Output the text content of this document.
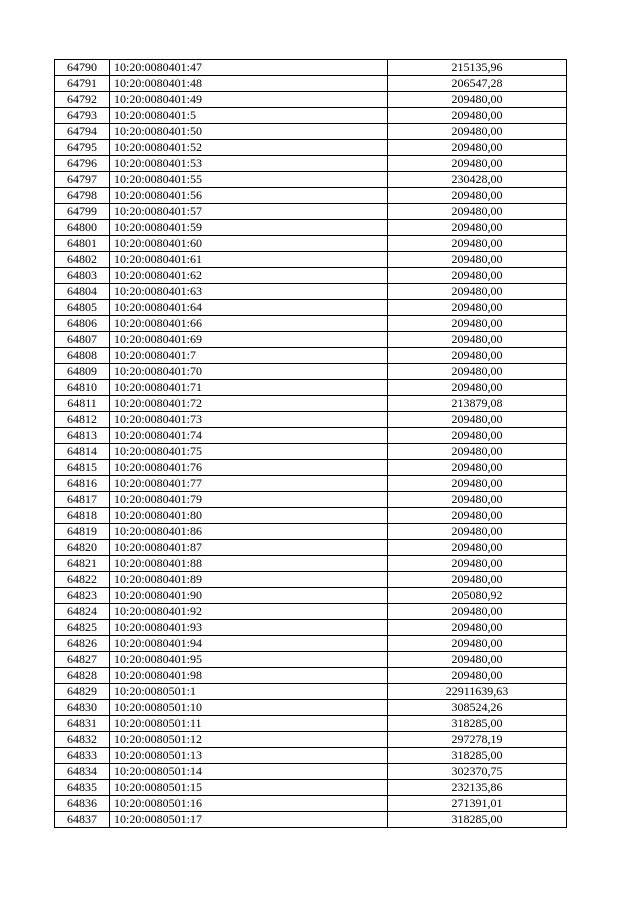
64790	10:20:0080401:47	215135,96
64791	10:20:0080401:48	206547,28
64792	10:20:0080401:49	209480,00
64793	10:20:0080401:5	209480,00
64794	10:20:0080401:50	209480,00
64795	10:20:0080401:52	209480,00
64796	10:20:0080401:53	209480,00
64797	10:20:0080401:55	230428,00
64798	10:20:0080401:56	209480,00
64799	10:20:0080401:57	209480,00
64800	10:20:0080401:59	209480,00
64801	10:20:0080401:60	209480,00
64802	10:20:0080401:61	209480,00
64803	10:20:0080401:62	209480,00
64804	10:20:0080401:63	209480,00
64805	10:20:0080401:64	209480,00
64806	10:20:0080401:66	209480,00
64807	10:20:0080401:69	209480,00
64808	10:20:0080401:7	209480,00
64809	10:20:0080401:70	209480,00
64810	10:20:0080401:71	209480,00
64811	10:20:0080401:72	213879,08
64812	10:20:0080401:73	209480,00
64813	10:20:0080401:74	209480,00
64814	10:20:0080401:75	209480,00
64815	10:20:0080401:76	209480,00
64816	10:20:0080401:77	209480,00
64817	10:20:0080401:79	209480,00
64818	10:20:0080401:80	209480,00
64819	10:20:0080401:86	209480,00
64820	10:20:0080401:87	209480,00
64821	10:20:0080401:88	209480,00
64822	10:20:0080401:89	209480,00
64823	10:20:0080401:90	205080,92
64824	10:20:0080401:92	209480,00
64825	10:20:0080401:93	209480,00
64826	10:20:0080401:94	209480,00
64827	10:20:0080401:95	209480,00
64828	10:20:0080401:98	209480,00
64829	10:20:0080501:1	22911639,63
64830	10:20:0080501:10	308524,26
64831	10:20:0080501:11	318285,00
64832	10:20:0080501:12	297278,19
64833	10:20:0080501:13	318285,00
64834	10:20:0080501:14	302370,75
64835	10:20:0080501:15	232135,86
64836	10:20:0080501:16	271391,01
64837	10:20:0080501:17	318285,00
